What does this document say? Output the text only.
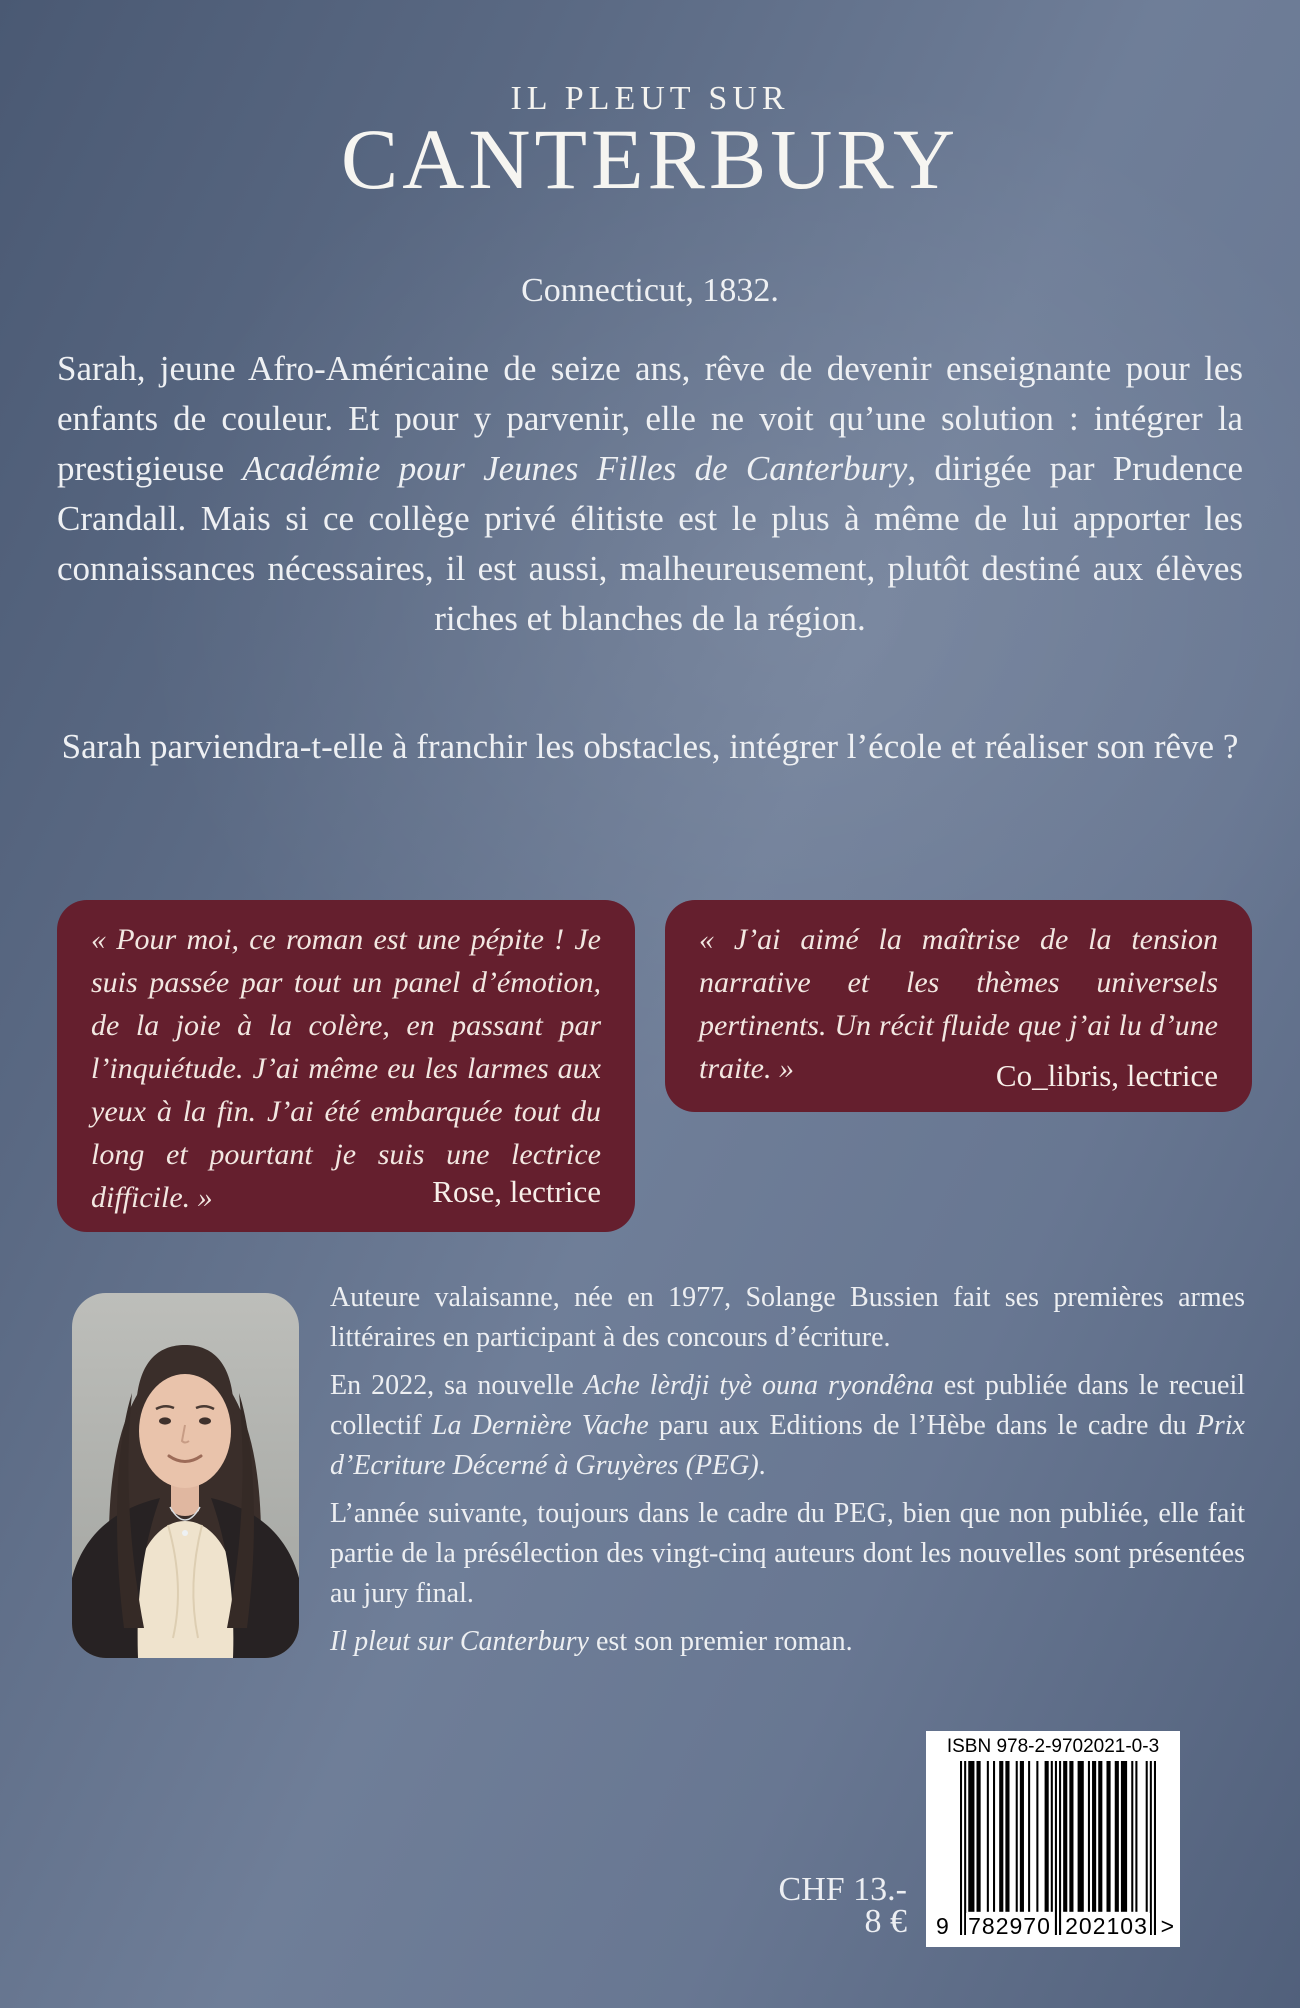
IL PLEUT SUR
CANTERBURY
Connecticut, 1832.

Sarah, jeune Afro-Américaine de seize ans, rêve de devenir enseignante pour les enfants de couleur. Et pour y parvenir, elle ne voit qu’une solution : intégrer la prestigieuse Académie pour Jeunes Filles de Canterbury, dirigée par Prudence Crandall. Mais si ce collège privé élitiste est le plus à même de lui apporter les connaissances nécessaires, il est aussi, malheureusement, plutôt destiné aux élèves riches et blanches de la région.

Sarah parviendra-t-elle à franchir les obstacles, intégrer l’école et réaliser son rêve ?

« Pour moi, ce roman est une pépite ! Je suis passée par tout un panel d’émotion, de la joie à la colère, en passant par l’inquiétude. J’ai même eu les larmes aux yeux à la fin. J’ai été embarquée tout du long et pourtant je suis une lectrice difficile. »	Rose, lectrice

« J’ai aimé la maîtrise de la tension narrative et les thèmes universels pertinents. Un récit fluide que j’ai lu d’une traite. »	Co_libris, lectrice

Auteure valaisanne, née en 1977, Solange Bussien fait ses premières armes littéraires en participant à des concours d’écriture.

En 2022, sa nouvelle Ache lèrdji tyè ouna ryondêna est publiée dans le recueil collectif La Dernière Vache paru aux Editions de l’Hèbe dans le cadre du Prix d’Ecriture Décerné à Gruyères (PEG).

L’année suivante, toujours dans le cadre du PEG, bien que non publiée, elle fait partie de la présélection des vingt-cinq auteurs dont les nouvelles sont présentées au jury final.

Il pleut sur Canterbury est son premier roman.

CHF 13.-
8 €
ISBN 978-2-9702021-0-3
9 782970 202103 >
